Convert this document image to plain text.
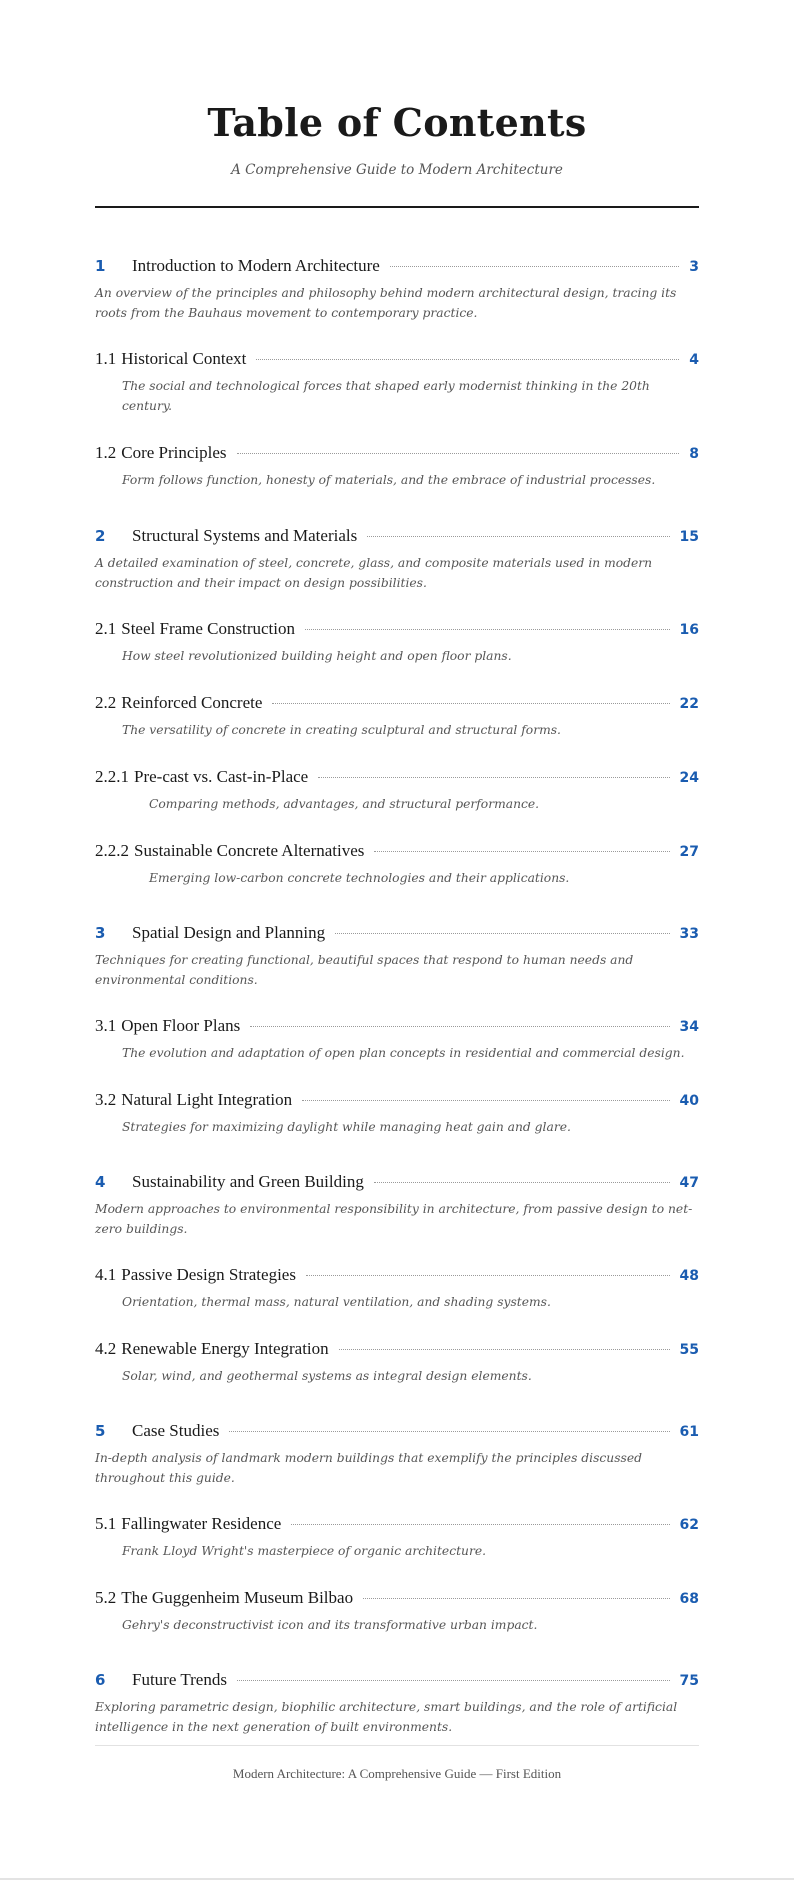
Table of Contents

A Comprehensive Guide to Modern Architecture

1	Introduction to Modern Architecture	3

An overview of the principles and philosophy behind modern architectural design, tracing its roots from the Bauhaus movement to contemporary practice.

1.1 Historical Context	4

The social and technological forces that shaped early modernist thinking in the 20th century.

1.2 Core Principles	8

Form follows function, honesty of materials, and the embrace of industrial processes.

2	Structural Systems and Materials	15

A detailed examination of steel, concrete, glass, and composite materials used in modern construction and their impact on design possibilities.

2.1 Steel Frame Construction	16

How steel revolutionized building height and open floor plans.

2.2 Reinforced Concrete	22

The versatility of concrete in creating sculptural and structural forms.

2.2.1 Pre-cast vs. Cast-in-Place	24

Comparing methods, advantages, and structural performance.

2.2.2 Sustainable Concrete Alternatives	27

Emerging low-carbon concrete technologies and their applications.

3	Spatial Design and Planning	33

Techniques for creating functional, beautiful spaces that respond to human needs and environmental conditions.

3.1 Open Floor Plans	34

The evolution and adaptation of open plan concepts in residential and commercial design.

3.2 Natural Light Integration	40

Strategies for maximizing daylight while managing heat gain and glare.

4	Sustainability and Green Building	47

Modern approaches to environmental responsibility in architecture, from passive design to net-zero buildings.

4.1 Passive Design Strategies	48

Orientation, thermal mass, natural ventilation, and shading systems.

4.2 Renewable Energy Integration	55

Solar, wind, and geothermal systems as integral design elements.

5	Case Studies	61

In-depth analysis of landmark modern buildings that exemplify the principles discussed throughout this guide.

5.1 Fallingwater Residence	62

Frank Lloyd Wright's masterpiece of organic architecture.

5.2 The Guggenheim Museum Bilbao	68

Gehry's deconstructivist icon and its transformative urban impact.

6	Future Trends	75

Exploring parametric design, biophilic architecture, smart buildings, and the role of artificial intelligence in the next generation of built environments.

Modern Architecture: A Comprehensive Guide — First Edition
